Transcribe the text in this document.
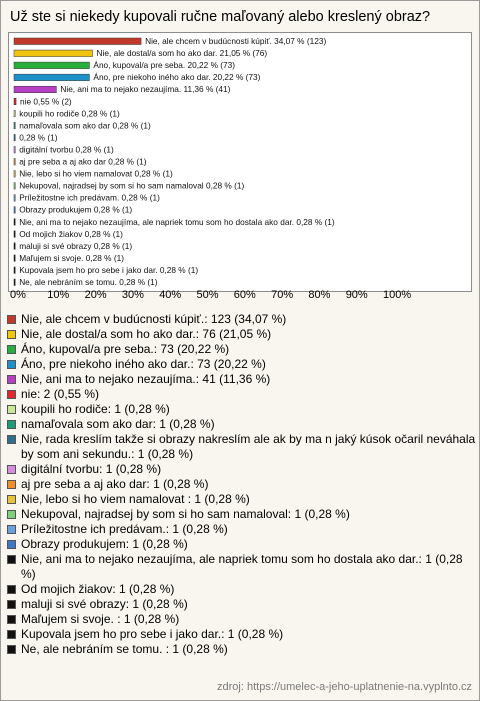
Už ste si niekedy kupovali ručne maľovaný alebo kreslený obraz?
Nie, ale chcem v budúcnosti kúpiť. 34,07 % (123)
Nie, ale dostal/a som ho ako dar. 21,05 % (76)
Áno, kupoval/a pre seba. 20,22 % (73)
Áno, pre niekoho iného ako dar. 20,22 % (73)
Nie, ani ma to nejako nezaujíma. 11,36 % (41)
nie 0,55 % (2)
koupili ho rodiče 0,28 % (1)
namaľovala som ako dar 0,28 % (1)
0,28 % (1)
digitální tvorbu 0,28 % (1)
aj pre seba a aj ako dar 0,28 % (1)
Nie, lebo si ho viem namalovat 0,28 % (1)
Nekupoval, najradsej by som si ho sam namaloval 0,28 % (1)
Príležitostne ich predávam. 0,28 % (1)
Obrazy produkujem 0,28 % (1)
Nie, ani ma to nejako nezaujíma, ale napriek tomu som ho dostala ako dar. 0,28 % (1)
Od mojich žiakov 0,28 % (1)
maluji si své obrazy 0,28 % (1)
Maľujem si svoje. 0,28 % (1)
Kupovala jsem ho pro sebe i jako dar. 0,28 % (1)
Ne, ale nebráním se tomu. 0,28 % (1)
0% 10% 20% 30% 40% 50% 60% 70% 80% 90% 100%
Nie, ale chcem v budúcnosti kúpiť.: 123 (34,07 %)
Nie, ale dostal/a som ho ako dar.: 76 (21,05 %)
Áno, kupoval/a pre seba.: 73 (20,22 %)
Áno, pre niekoho iného ako dar.: 73 (20,22 %)
Nie, ani ma to nejako nezaujíma.: 41 (11,36 %)
nie: 2 (0,55 %)
koupili ho rodiče: 1 (0,28 %)
namaľovala som ako dar: 1 (0,28 %)
Nie, rada kreslím takže si obrazy nakreslím ale ak by ma n jaký kúsok očaril neváhala by som ani sekundu.: 1 (0,28 %)
digitální tvorbu: 1 (0,28 %)
aj pre seba a aj ako dar: 1 (0,28 %)
Nie, lebo si ho viem namalovat : 1 (0,28 %)
Nekupoval, najradsej by som si ho sam namaloval: 1 (0,28 %)
Príležitostne ich predávam.: 1 (0,28 %)
Obrazy produkujem: 1 (0,28 %)
Nie, ani ma to nejako nezaujíma, ale napriek tomu som ho dostala ako dar.: 1 (0,28 %)
Od mojich žiakov: 1 (0,28 %)
maluji si své obrazy: 1 (0,28 %)
Maľujem si svoje. : 1 (0,28 %)
Kupovala jsem ho pro sebe i jako dar.: 1 (0,28 %)
Ne, ale nebráním se tomu. : 1 (0,28 %)
zdroj: https://umelec-a-jeho-uplatnenie-na.vyplnto.cz
